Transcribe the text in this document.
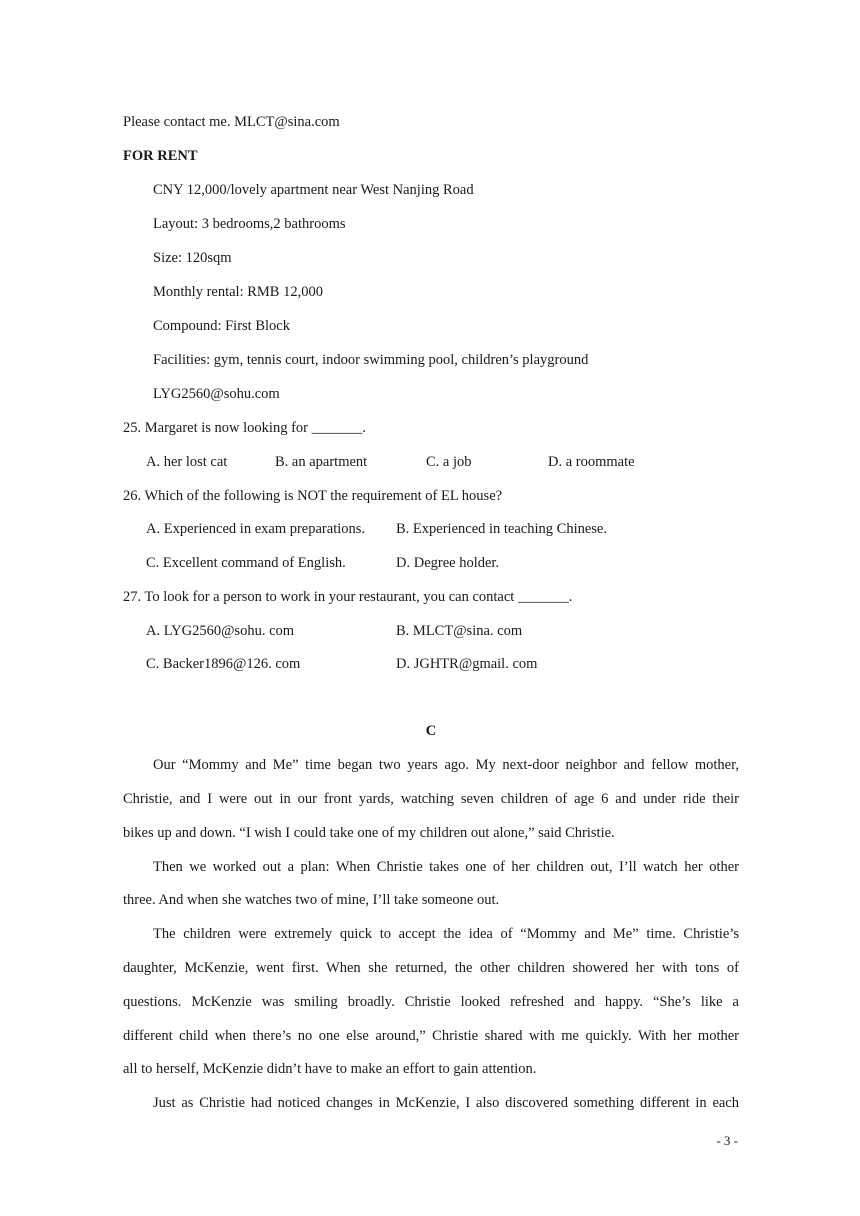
Please contact me. MLCT@sina.com
FOR RENT
CNY 12,000/lovely apartment near West Nanjing Road
Layout: 3 bedrooms,2 bathrooms
Size: 120sqm
Monthly rental: RMB 12,000
Compound: First Block
Facilities: gym, tennis court, indoor swimming pool, children’s playground
LYG2560@sohu.com
25. Margaret is now looking for _______.
A. her lost cat	B. an apartment	C. a job	D. a roommate
26. Which of the following is NOT the requirement of EL house?
A. Experienced in exam preparations. B. Experienced in teaching Chinese.
C. Excellent command of English.	D. Degree holder.
27. To look for a person to work in your restaurant, you can contact _______.
A. LYG2560@sohu. com	B. MLCT@sina. com
C. Backer1896@126. com	D. JGHTR@gmail. com
C
Our “Mommy and Me” time began two years ago. My next-door neighbor and fellow mother,
Christie, and I were out in our front yards, watching seven children of age 6 and under ride their
bikes up and down. “I wish I could take one of my children out alone,” said Christie.
Then we worked out a plan: When Christie takes one of her children out, I’ll watch her other
three. And when she watches two of mine, I’ll take someone out.
The children were extremely quick to accept the idea of “Mommy and Me” time. Christie’s
daughter, McKenzie, went first. When she returned, the other children showered her with tons of
questions. McKenzie was smiling broadly. Christie looked refreshed and happy. “She’s like a
different child when there’s no one else around,” Christie shared with me quickly. With her mother
all to herself, McKenzie didn’t have to make an effort to gain attention.
Just as Christie had noticed changes in McKenzie, I also discovered something different in each
- 3 -
